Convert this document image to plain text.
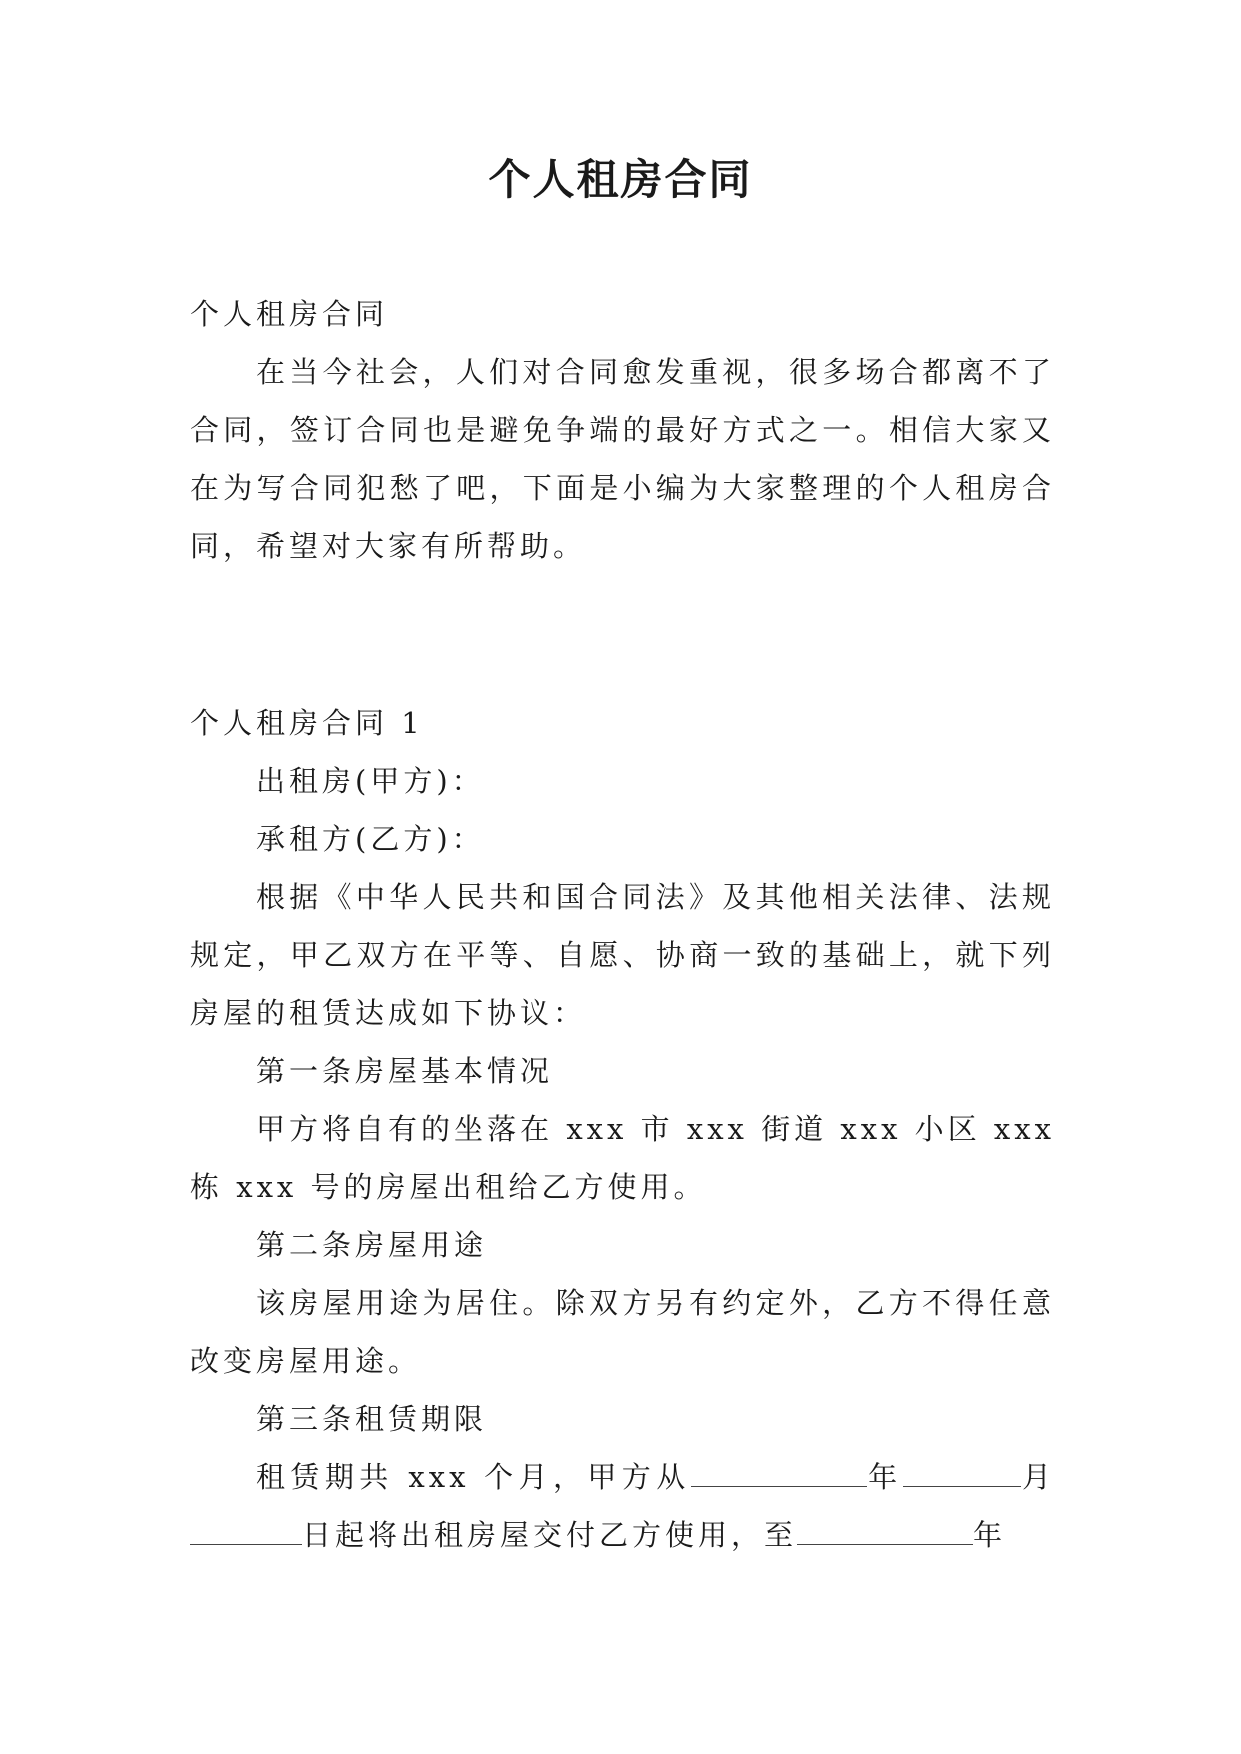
个人租房合同

个人租房合同

在当今社会，人们对合同愈发重视，很多场合都离不了合同，签订合同也是避免争端的最好方式之一。相信大家又在为写合同犯愁了吧，下面是小编为大家整理的个人租房合同，希望对大家有所帮助。

个人租房合同 1

出租房(甲方)：

承租方(乙方)：

根据《中华人民共和国合同法》及其他相关法律、法规规定，甲乙双方在平等、自愿、协商一致的基础上，就下列房屋的租赁达成如下协议：

第一条房屋基本情况

甲方将自有的坐落在 xxx 市 xxx 街道 xxx 小区 xxx 栋 xxx 号的房屋出租给乙方使用。

第二条房屋用途

该房屋用途为居住。除双方另有约定外，乙方不得任意改变房屋用途。

第三条租赁期限

租赁期共 xxx 个月，甲方从	年	月日起将出租房屋交付乙方使用，至	年
